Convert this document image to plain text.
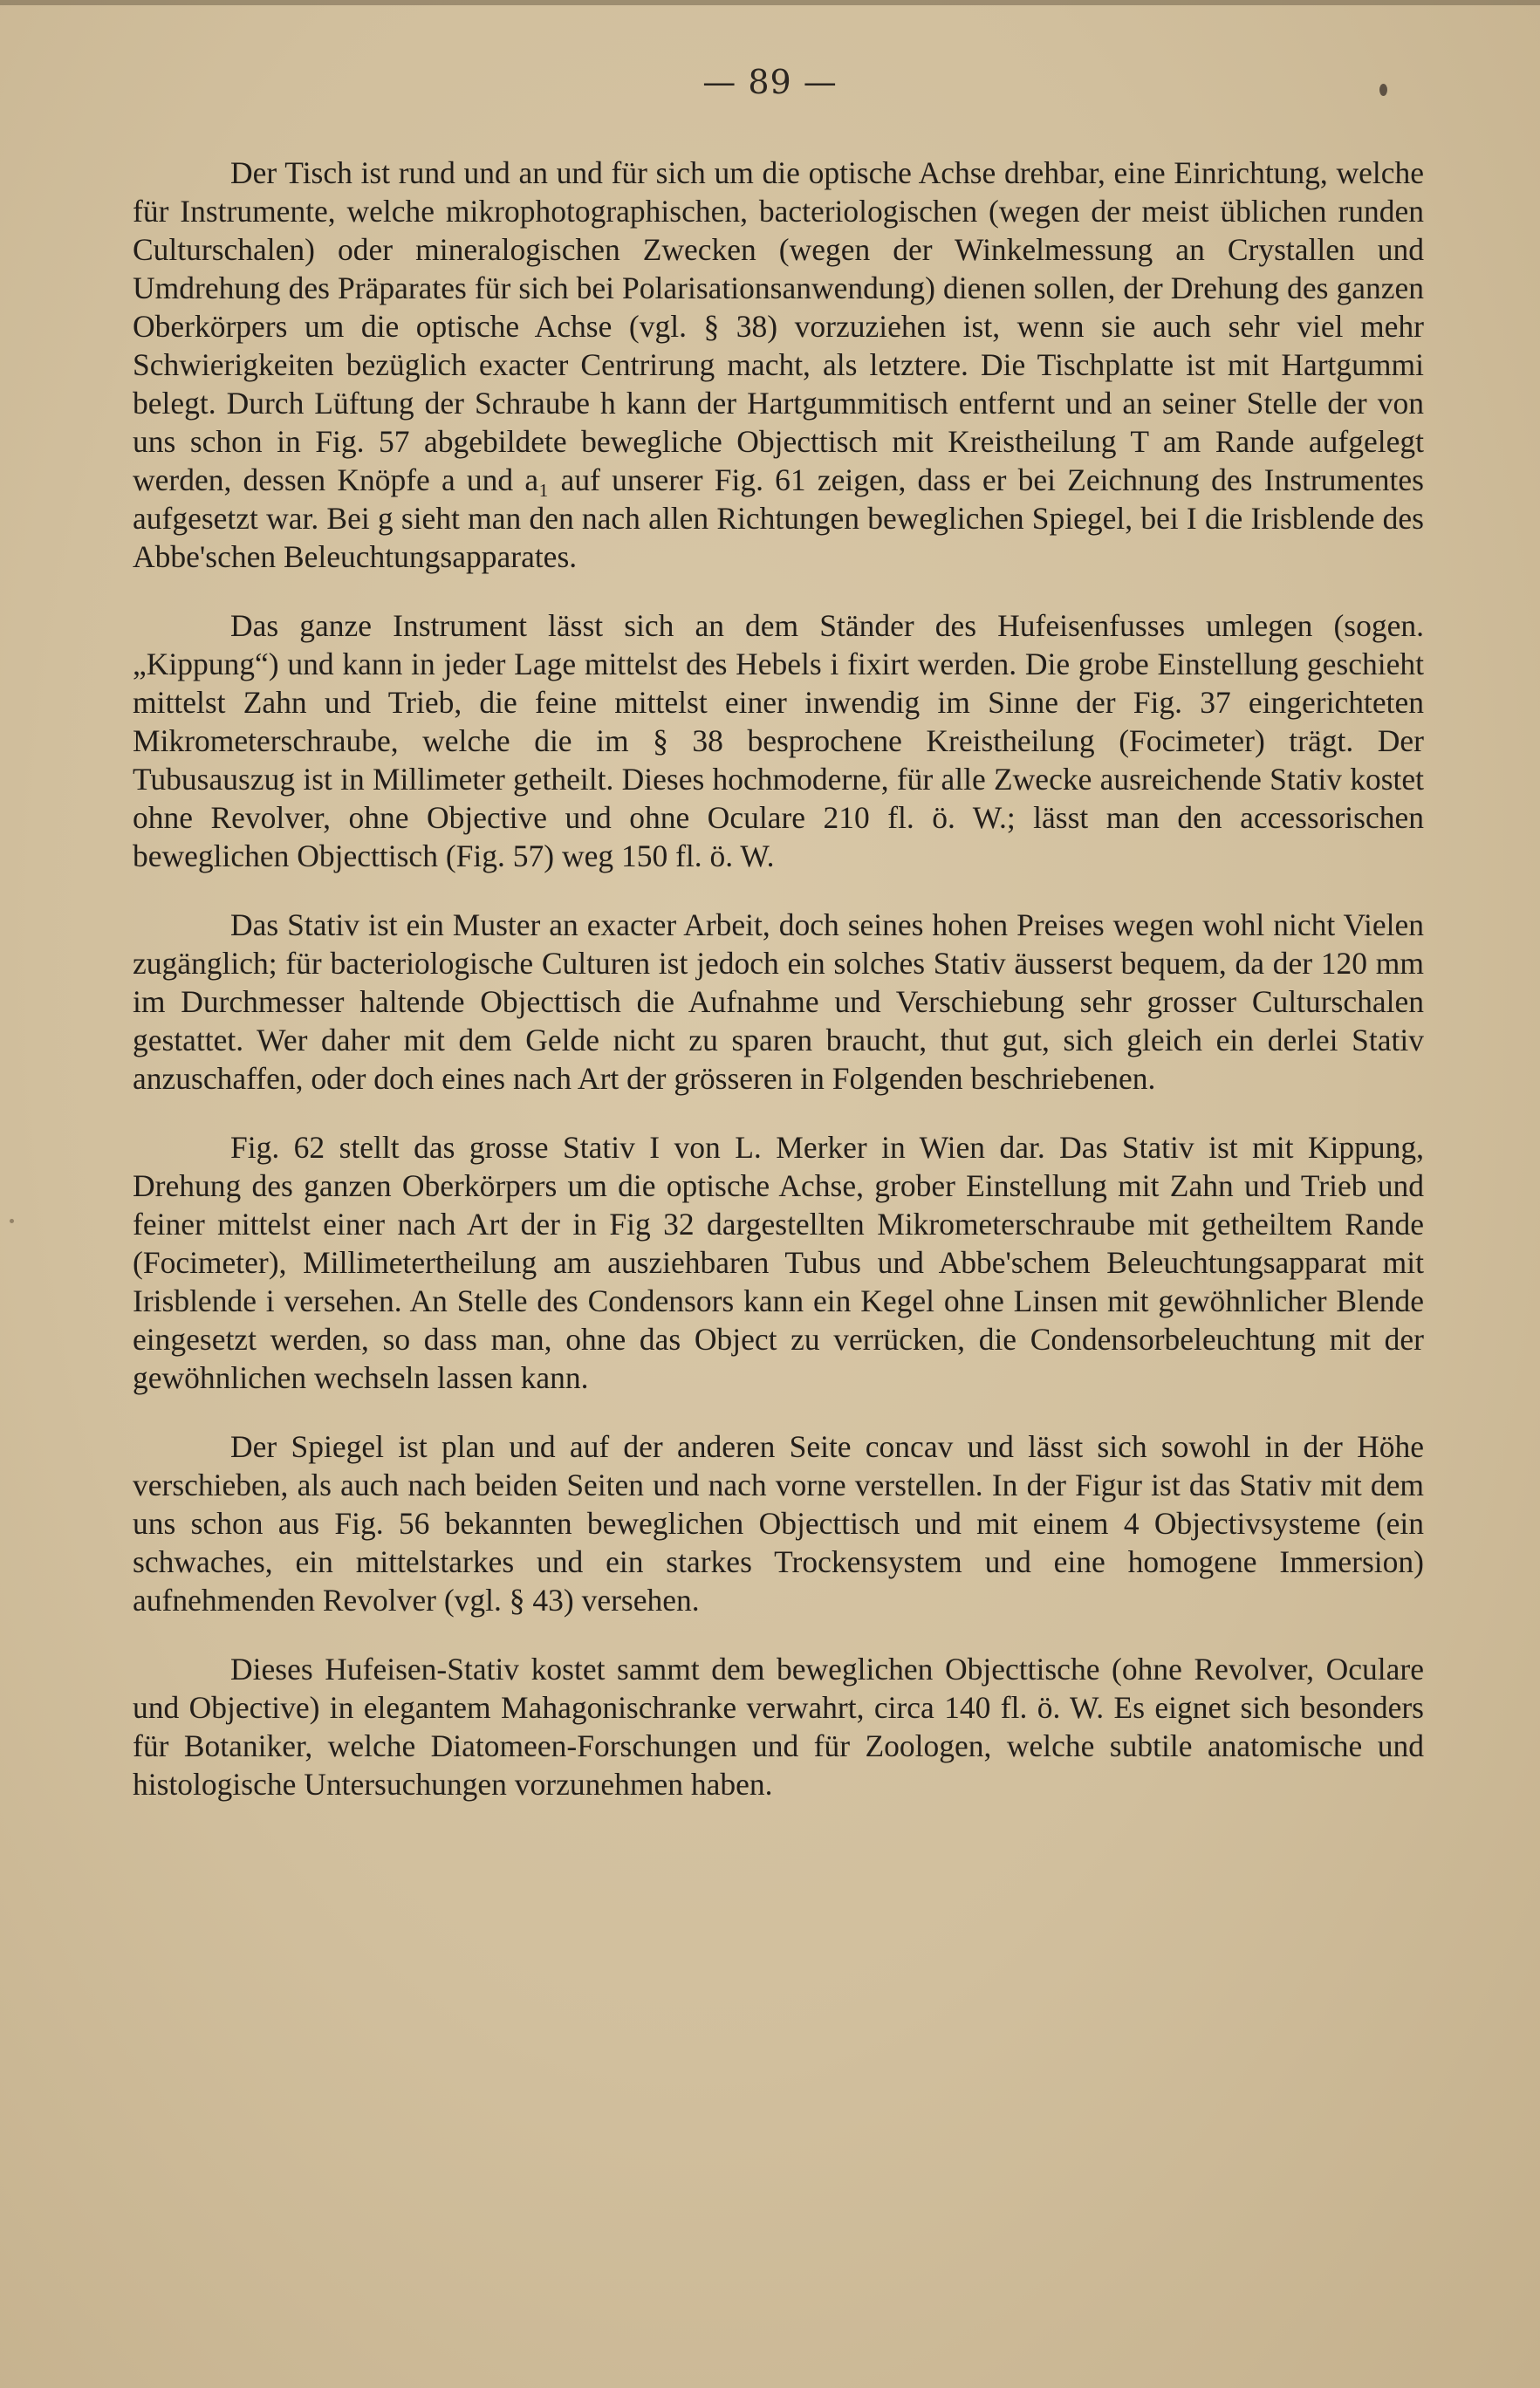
— 89 —

Der Tisch ist rund und an und für sich um die optische Achse drehbar, eine Einrichtung, welche für Instrumente, welche mikrophotographischen, bacteriologischen (wegen der meist üblichen runden Culturschalen) oder mineralogischen Zwecken (wegen der Winkelmessung an Crystallen und Umdrehung des Präparates für sich bei Polarisationsanwendung) dienen sollen, der Drehung des ganzen Oberkörpers um die optische Achse (vgl. § 38) vorzuziehen ist, wenn sie auch sehr viel mehr Schwierigkeiten bezüglich exacter Centrirung macht, als letztere. Die Tischplatte ist mit Hartgummi belegt. Durch Lüftung der Schraube h kann der Hartgummitisch entfernt und an seiner Stelle der von uns schon in Fig. 57 abgebildete bewegliche Objecttisch mit Kreistheilung T am Rande aufgelegt werden, dessen Knöpfe a und a₁ auf unserer Fig. 61 zeigen, dass er bei Zeichnung des Instrumentes aufgesetzt war. Bei g sieht man den nach allen Richtungen beweglichen Spiegel, bei I die Irisblende des Abbe'schen Beleuchtungsapparates.

Das ganze Instrument lässt sich an dem Ständer des Hufeisenfusses umlegen (sogen. „Kippung“) und kann in jeder Lage mittelst des Hebels i fixirt werden. Die grobe Einstellung geschieht mittelst Zahn und Trieb, die feine mittelst einer inwendig im Sinne der Fig. 37 eingerichteten Mikrometerschraube, welche die im § 38 besprochene Kreistheilung (Focimeter) trägt. Der Tubusauszug ist in Millimeter getheilt. Dieses hochmoderne, für alle Zwecke ausreichende Stativ kostet ohne Revolver, ohne Objective und ohne Oculare 210 fl. ö. W.; lässt man den accessorischen beweglichen Objecttisch (Fig. 57) weg 150 fl. ö. W.

Das Stativ ist ein Muster an exacter Arbeit, doch seines hohen Preises wegen wohl nicht Vielen zugänglich; für bacteriologische Culturen ist jedoch ein solches Stativ äusserst bequem, da der 120 mm im Durchmesser haltende Objecttisch die Aufnahme und Verschiebung sehr grosser Culturschalen gestattet. Wer daher mit dem Gelde nicht zu sparen braucht, thut gut, sich gleich ein derlei Stativ anzuschaffen, oder doch eines nach Art der grösseren in Folgenden beschriebenen.

Fig. 62 stellt das grosse Stativ I von L. Merker in Wien dar. Das Stativ ist mit Kippung, Drehung des ganzen Oberkörpers um die optische Achse, grober Einstellung mit Zahn und Trieb und feiner mittelst einer nach Art der in Fig 32 dargestellten Mikrometerschraube mit getheiltem Rande (Focimeter), Millimetertheilung am ausziehbaren Tubus und Abbe'schem Beleuchtungsapparat mit Irisblende i versehen. An Stelle des Condensors kann ein Kegel ohne Linsen mit gewöhnlicher Blende eingesetzt werden, so dass man, ohne das Object zu verrücken, die Condensorbeleuchtung mit der gewöhnlichen wechseln lassen kann.

Der Spiegel ist plan und auf der anderen Seite concav und lässt sich sowohl in der Höhe verschieben, als auch nach beiden Seiten und nach vorne verstellen. In der Figur ist das Stativ mit dem uns schon aus Fig. 56 bekannten beweglichen Objecttisch und mit einem 4 Objectivsysteme (ein schwaches, ein mittelstarkes und ein starkes Trockensystem und eine homogene Immersion) aufnehmenden Revolver (vgl. § 43) versehen.

Dieses Hufeisen-Stativ kostet sammt dem beweglichen Objecttische (ohne Revolver, Oculare und Objective) in elegantem Mahagonischranke verwahrt, circa 140 fl. ö. W. Es eignet sich besonders für Botaniker, welche Diatomeen-Forschungen und für Zoologen, welche subtile anatomische und histologische Untersuchungen vorzunehmen haben.
